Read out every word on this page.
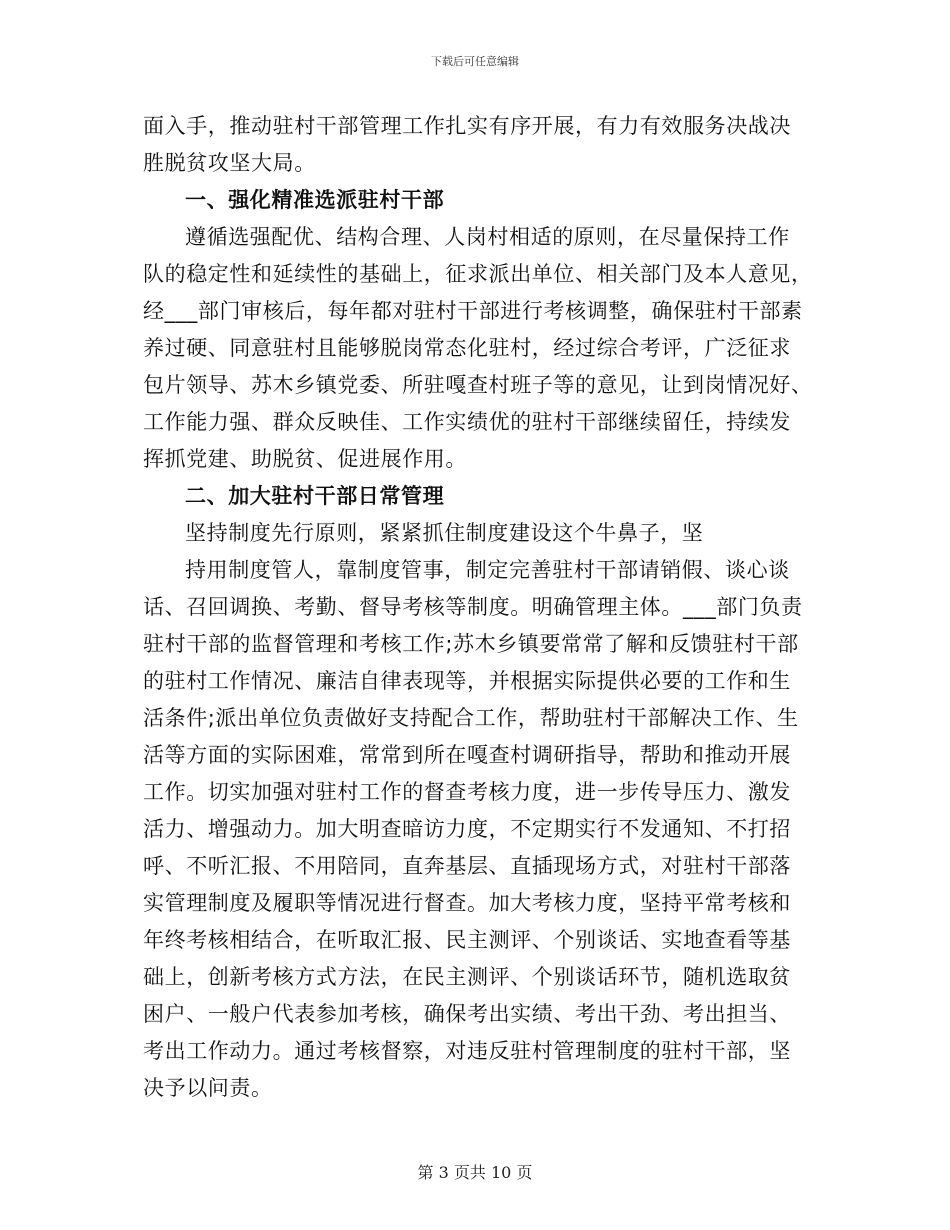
下载后可任意编辑
面入手，推动驻村干部管理工作扎实有序开展，有力有效服务决战决
胜脱贫攻坚大局。
一、强化精准选派驻村干部
遵循选强配优、结构合理、人岗村相适的原则，在尽量保持工作
队的稳定性和延续性的基础上，征求派出单位、相关部门及本人意见，
经___部门审核后，每年都对驻村干部进行考核调整，确保驻村干部素
养过硬、同意驻村且能够脱岗常态化驻村，经过综合考评，广泛征求
包片领导、苏木乡镇党委、所驻嘎查村班子等的意见，让到岗情况好、
工作能力强、群众反映佳、工作实绩优的驻村干部继续留任，持续发
挥抓党建、助脱贫、促进展作用。
二、加大驻村干部日常管理
坚持制度先行原则，紧紧抓住制度建设这个牛鼻子，坚
持用制度管人，靠制度管事，制定完善驻村干部请销假、谈心谈
话、召回调换、考勤、督导考核等制度。明确管理主体。___部门负责
驻村干部的监督管理和考核工作;苏木乡镇要常常了解和反馈驻村干部
的驻村工作情况、廉洁自律表现等，并根据实际提供必要的工作和生
活条件;派出单位负责做好支持配合工作，帮助驻村干部解决工作、生
活等方面的实际困难，常常到所在嘎查村调研指导，帮助和推动开展
工作。切实加强对驻村工作的督查考核力度，进一步传导压力、激发
活力、增强动力。加大明查暗访力度，不定期实行不发通知、不打招
呼、不听汇报、不用陪同，直奔基层、直插现场方式，对驻村干部落
实管理制度及履职等情况进行督查。加大考核力度，坚持平常考核和
年终考核相结合，在听取汇报、民主测评、个别谈话、实地查看等基
础上，创新考核方式方法，在民主测评、个别谈话环节，随机选取贫
困户、一般户代表参加考核，确保考出实绩、考出干劲、考出担当、
考出工作动力。通过考核督察，对违反驻村管理制度的驻村干部，坚
决予以问责。
第 3 页共 10 页
